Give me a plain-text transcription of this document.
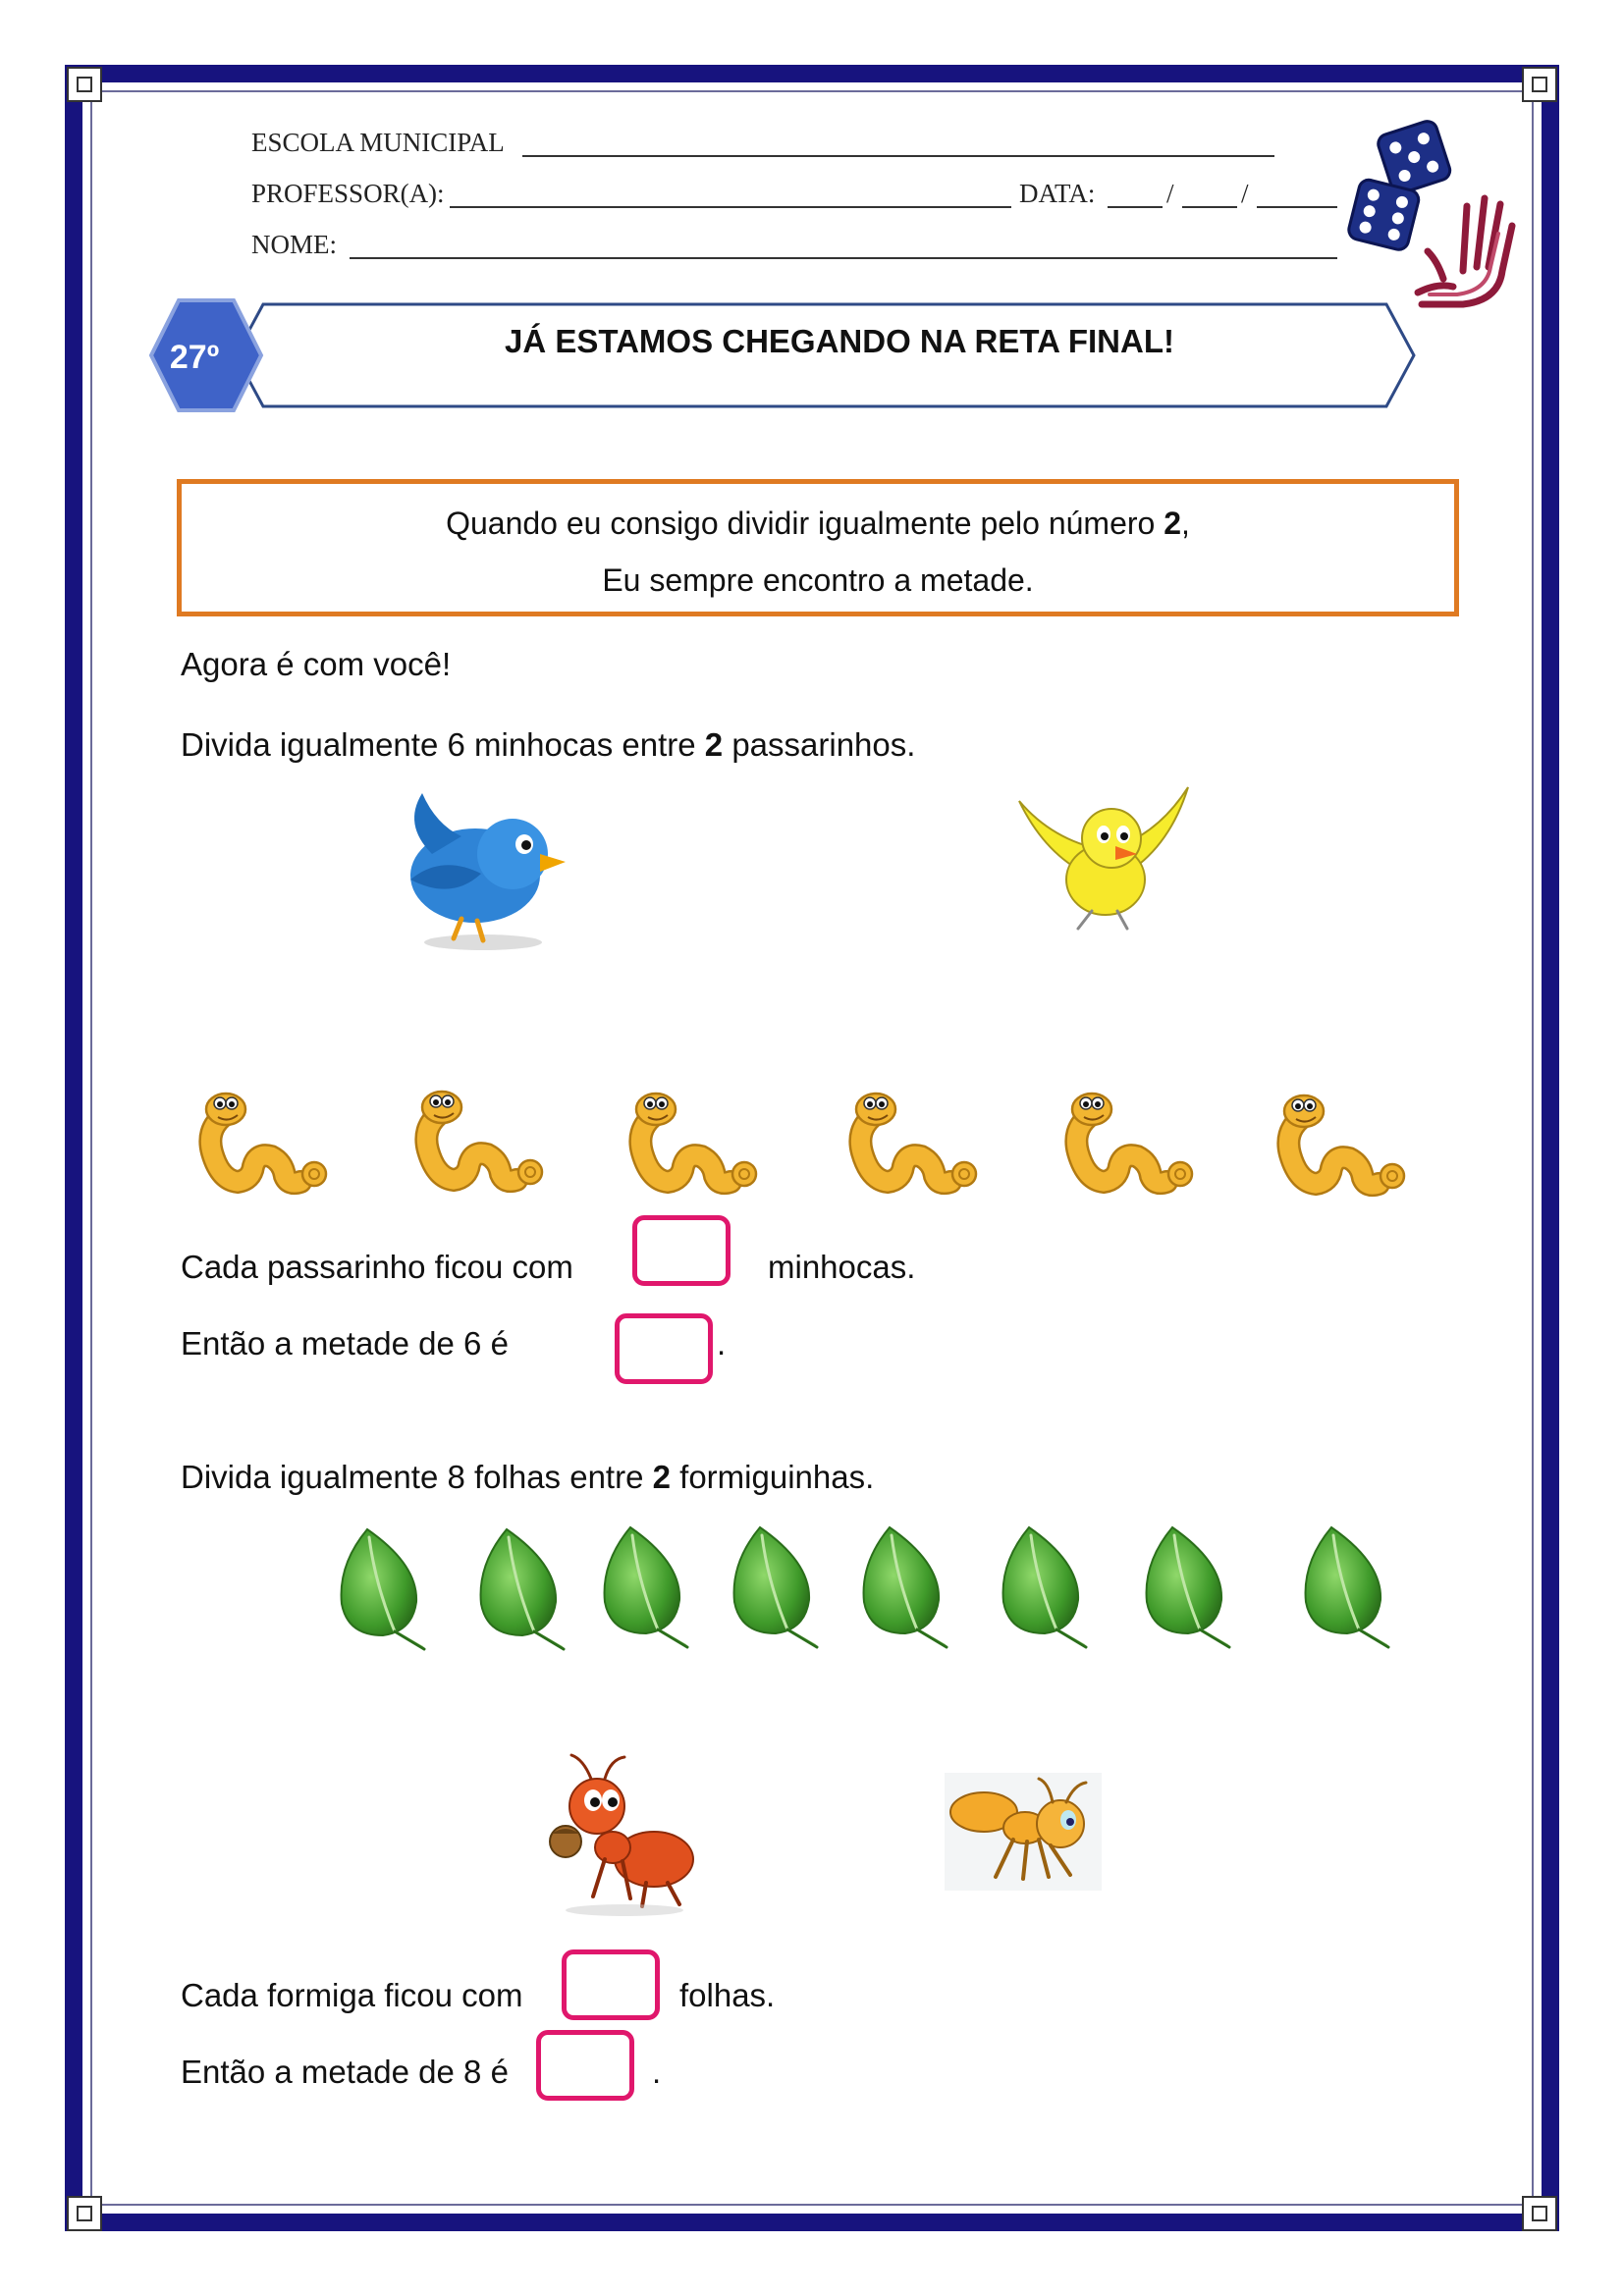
ESCOLA MUNICIPAL
PROFESSOR(A):	DATA:	/	/
NOME:
27º	JÁ ESTAMOS CHEGANDO NA RETA FINAL!
Quando eu consigo dividir igualmente pelo número 2,
Eu sempre encontro a metade.
Agora é com você!
Divida igualmente 6 minhocas entre 2 passarinhos.
Cada passarinho ficou com	minhocas.
Então a metade de 6 é	.
Divida igualmente 8 folhas entre 2 formiguinhas.
Cada formiga ficou com	folhas.
Então a metade de 8 é	.
